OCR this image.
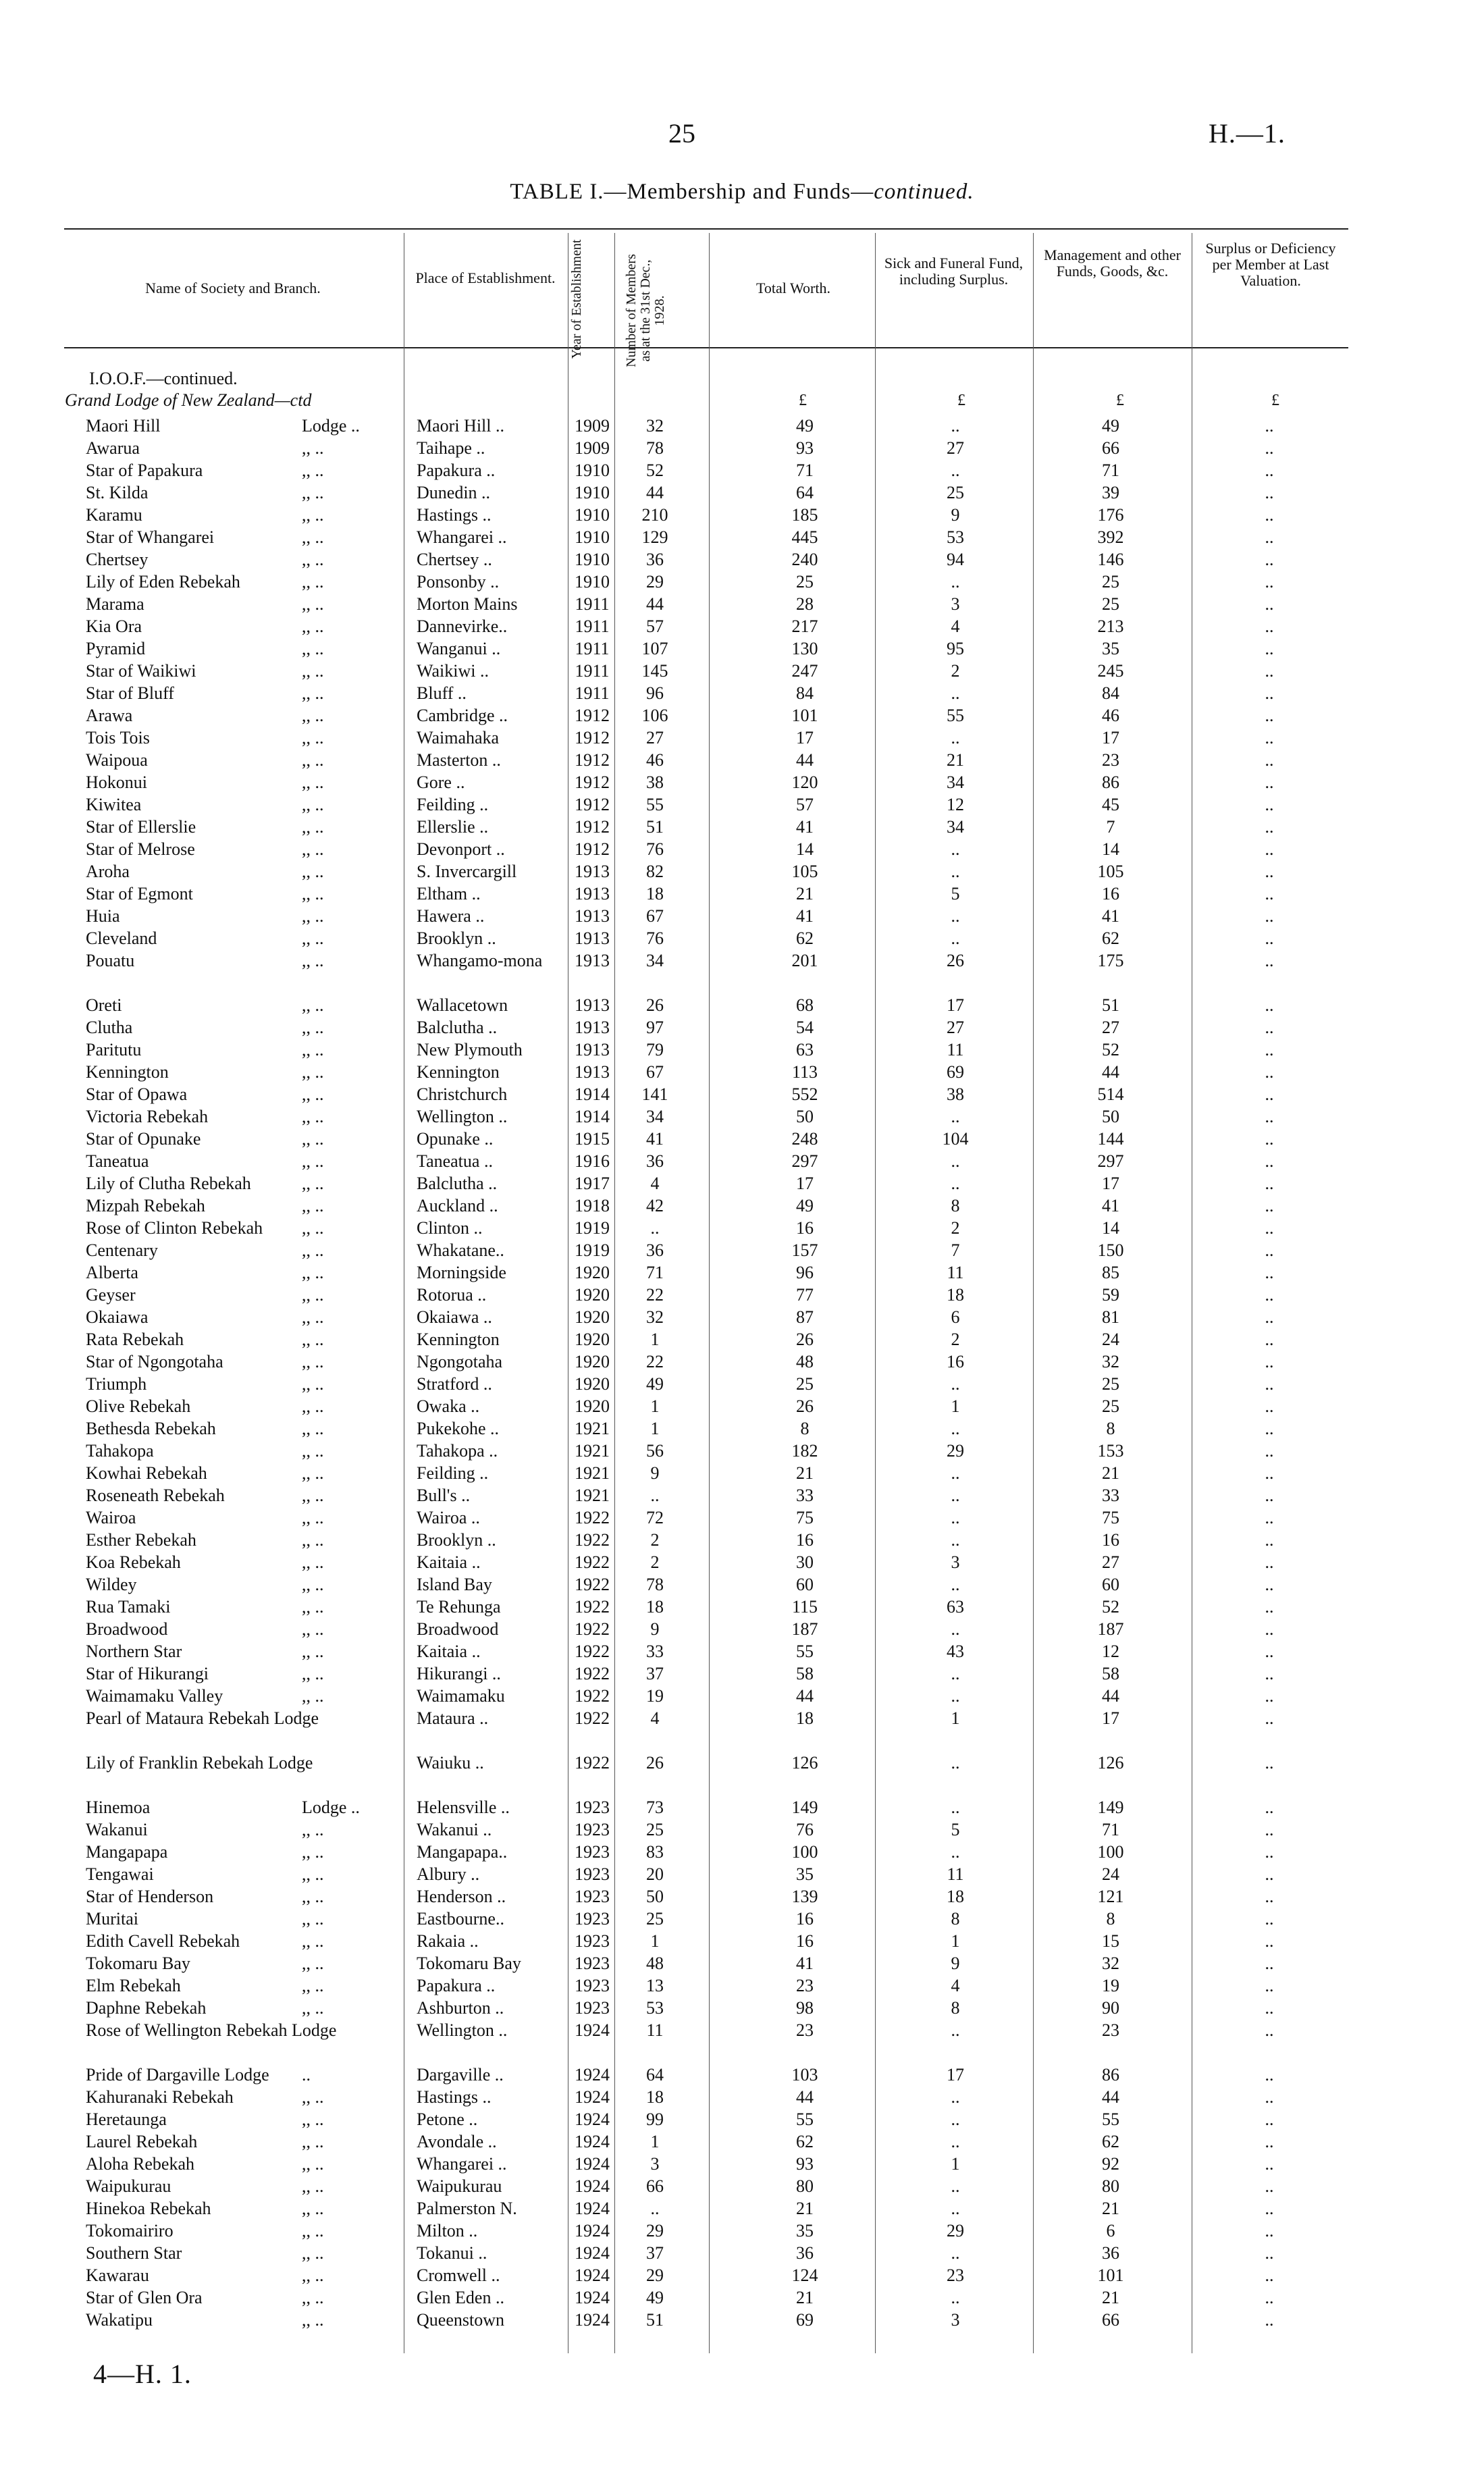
25	H.—1.
TABLE I.—Membership and Funds—continued.
Name of Society and Branch.
Place of Establishment.	Year of Establishment	Number of Members as at the 31st Dec., 1928.
Total Worth.
Sick and Funeral Fund, including Surplus.
Management and other Funds, Goods, &c.
Surplus or Deficiency per Member at Last Valuation.
I.O.O.F.—continued.
Grand Lodge of New Zealand—ctd	£	£	£	£
Maori Hill	Lodge ..	Maori Hill ..	1909	32	49	..	49	..
Awarua	,, ..	Taihape ..	1909	78	93	27	66	..
Star of Papakura	,, ..	Papakura ..	1910	52	71	..	71	..
St. Kilda	,, ..	Dunedin ..	1910	44	64	25	39	..
Karamu	,, ..	Hastings ..	1910	210	185	9	176	..
Star of Whangarei	,, ..	Whangarei ..	1910	129	445	53	392	..
Chertsey	,, ..	Chertsey ..	1910	36	240	94	146	..
Lily of Eden Rebekah	,, ..	Ponsonby ..	1910	29	25	..	25	..
Marama	,, ..	Morton Mains	1911	44	28	3	25	..
Kia Ora	,, ..	Dannevirke..	1911	57	217	4	213	..
Pyramid	,, ..	Wanganui ..	1911	107	130	95	35	..
Star of Waikiwi	,, ..	Waikiwi ..	1911	145	247	2	245	..
Star of Bluff	,, ..	Bluff ..	1911	96	84	..	84	..
Arawa	,, ..	Cambridge ..	1912	106	101	55	46	..
Tois Tois	,, ..	Waimahaka	1912	27	17	..	17	..
Waipoua	,, ..	Masterton ..	1912	46	44	21	23	..
Hokonui	,, ..	Gore ..	1912	38	120	34	86	..
Kiwitea	,, ..	Feilding ..	1912	55	57	12	45	..
Star of Ellerslie	,, ..	Ellerslie ..	1912	51	41	34	7	..
Star of Melrose	,, ..	Devonport ..	1912	76	14	..	14	..
Aroha	,, ..	S. Invercargill	1913	82	105	..	105	..
Star of Egmont	,, ..	Eltham ..	1913	18	21	5	16	..
Huia	,, ..	Hawera ..	1913	67	41	..	41	..
Cleveland	,, ..	Brooklyn ..	1913	76	62	..	62	..
Pouatu	,, ..	Whangamo-mona	1913	34	201	26	175	..
Oreti	,, ..	Wallacetown	1913	26	68	17	51	..
Clutha	,, ..	Balclutha ..	1913	97	54	27	27	..
Paritutu	,, ..	New Plymouth	1913	79	63	11	52	..
Kennington	,, ..	Kennington	1913	67	113	69	44	..
Star of Opawa	,, ..	Christchurch	1914	141	552	38	514	..
Victoria Rebekah	,, ..	Wellington ..	1914	34	50	..	50	..
Star of Opunake	,, ..	Opunake ..	1915	41	248	104	144	..
Taneatua	,, ..	Taneatua ..	1916	36	297	..	297	..
Lily of Clutha Rebekah	,, ..	Balclutha ..	1917	4	17	..	17	..
Mizpah Rebekah	,, ..	Auckland ..	1918	42	49	8	41	..
Rose of Clinton Rebekah	,, ..	Clinton ..	1919	..	16	2	14	..
Centenary	,, ..	Whakatane..	1919	36	157	7	150	..
Alberta	,, ..	Morningside	1920	71	96	11	85	..
Geyser	,, ..	Rotorua ..	1920	22	77	18	59	..
Okaiawa	,, ..	Okaiawa ..	1920	32	87	6	81	..
Rata Rebekah	,, ..	Kennington	1920	1	26	2	24	..
Star of Ngongotaha	,, ..	Ngongotaha	1920	22	48	16	32	..
Triumph	,, ..	Stratford ..	1920	49	25	..	25	..
Olive Rebekah	,, ..	Owaka ..	1920	1	26	1	25	..
Bethesda Rebekah	,, ..	Pukekohe ..	1921	1	8	..	8	..
Tahakopa	,, ..	Tahakopa ..	1921	56	182	29	153	..
Kowhai Rebekah	,, ..	Feilding ..	1921	9	21	..	21	..
Roseneath Rebekah	,, ..	Bull's ..	1921	..	33	..	33	..
Wairoa	,, ..	Wairoa ..	1922	72	75	..	75	..
Esther Rebekah	,, ..	Brooklyn ..	1922	2	16	..	16	..
Koa Rebekah	,, ..	Kaitaia ..	1922	2	30	3	27	..
Wildey	,, ..	Island Bay	1922	78	60	..	60	..
Rua Tamaki	,, ..	Te Rehunga	1922	18	115	63	52	..
Broadwood	,, ..	Broadwood	1922	9	187	..	187	..
Northern Star	,, ..	Kaitaia ..	1922	33	55	43	12	..
Star of Hikurangi	,, ..	Hikurangi ..	1922	37	58	..	58	..
Waimamaku Valley	,, ..	Waimamaku	1922	19	44	..	44	..
Pearl of Mataura Rebekah Lodge	Mataura ..	1922	4	18	1	17	..
Lily of Franklin Rebekah Lodge	Waiuku ..	1922	26	126	..	126	..
Hinemoa	Lodge ..	Helensville ..	1923	73	149	..	149	..
Wakanui	,, ..	Wakanui ..	1923	25	76	5	71	..
Mangapapa	,, ..	Mangapapa..	1923	83	100	..	100	..
Tengawai	,, ..	Albury ..	1923	20	35	11	24	..
Star of Henderson	,, ..	Henderson ..	1923	50	139	18	121	..
Muritai	,, ..	Eastbourne..	1923	25	16	8	8	..
Edith Cavell Rebekah	,, ..	Rakaia ..	1923	1	16	1	15	..
Tokomaru Bay	,, ..	Tokomaru Bay	1923	48	41	9	32	..
Elm Rebekah	,, ..	Papakura ..	1923	13	23	4	19	..
Daphne Rebekah	,, ..	Ashburton ..	1923	53	98	8	90	..
Rose of Wellington Rebekah Lodge	Wellington ..	1924	11	23	..	23	..
Pride of Dargaville Lodge	..	Dargaville ..	1924	64	103	17	86	..
Kahuranaki Rebekah	,, ..	Hastings ..	1924	18	44	..	44	..
Heretaunga	,, ..	Petone ..	1924	99	55	..	55	..
Laurel Rebekah	,, ..	Avondale ..	1924	1	62	..	62	..
Aloha Rebekah	,, ..	Whangarei ..	1924	3	93	1	92	..
Waipukurau	,, ..	Waipukurau	1924	66	80	..	80	..
Hinekoa Rebekah	,, ..	Palmerston N.	1924	..	21	..	21	..
Tokomairiro	,, ..	Milton ..	1924	29	35	29	6	..
Southern Star	,, ..	Tokanui ..	1924	37	36	..	36	..
Kawarau	,, ..	Cromwell ..	1924	29	124	23	101	..
Star of Glen Ora	,, ..	Glen Eden ..	1924	49	21	..	21	..
Wakatipu	,, ..	Queenstown	1924	51	69	3	66	..
4—H. 1.
